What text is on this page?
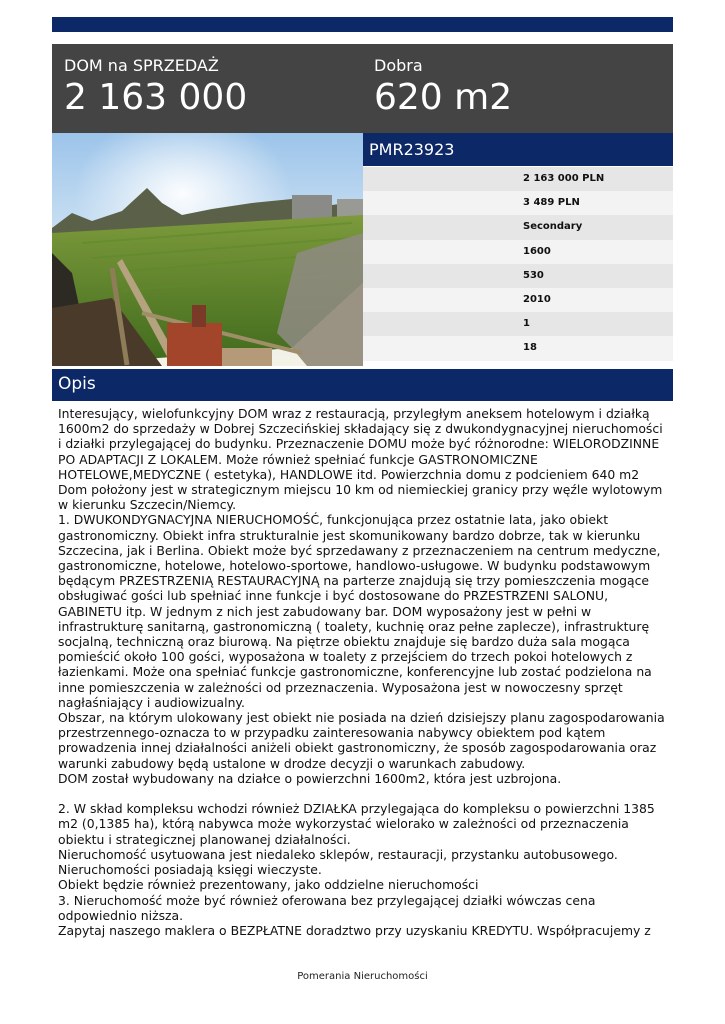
DOM na SPRZEDAŻ
2 163 000
Dobra
620 m2
PMR23923
2 163 000 PLN
3 489 PLN
Secondary
1600
530
2010
1
18
Opis

Interesujący, wielofunkcyjny DOM wraz z restauracją, przyległym aneksem hotelowym i działką 1600m2 do sprzedaży w Dobrej Szczecińskiej składający się z dwukondygnacyjnej nieruchomości i działki przylegającej do budynku. Przeznaczenie DOMU może być różnorodne: WIELORODZINNE PO ADAPTACJI Z LOKALEM. Może również spełniać funkcje GASTRONOMICZNE HOTELOWE,MEDYCZNE ( estetyka), HANDLOWE itd. Powierzchnia domu z podcieniem 640 m2
Dom położony jest w strategicznym miejscu 10 km od niemieckiej granicy przy węźle wylotowym w kierunku Szczecin/Niemcy.
1. DWUKONDYGNACYJNA NIERUCHOMOŚĆ, funkcjonująca przez ostatnie lata, jako obiekt gastronomiczny. Obiekt infra strukturalnie jest skomunikowany bardzo dobrze, tak w kierunku Szczecina, jak i Berlina. Obiekt może być sprzedawany z przeznaczeniem na centrum medyczne, gastronomiczne, hotelowe, hotelowo-sportowe, handlowo-usługowe. W budynku podstawowym będącym PRZESTRZENIĄ RESTAURACYJNĄ na parterze znajdują się trzy pomieszczenia mogące obsługiwać gości lub spełniać inne funkcje i być dostosowane do PRZESTRZENI SALONU, GABINETU itp. W jednym z nich jest zabudowany bar. DOM wyposażony jest w pełni w infrastrukturę sanitarną, gastronomiczną ( toalety, kuchnię oraz pełne zaplecze), infrastrukturę socjalną, techniczną oraz biurową. Na piętrze obiektu znajduje się bardzo duża sala mogąca pomieścić około 100 gości, wyposażona w toalety z przejściem do trzech pokoi hotelowych z łazienkami. Może ona spełniać funkcje gastronomiczne, konferencyjne lub zostać podzielona na inne pomieszczenia w zależności od przeznaczenia. Wyposażona jest w nowoczesny sprzęt nagłaśniający i audiowizualny.
Obszar, na którym ulokowany jest obiekt nie posiada na dzień dzisiejszy planu zagospodarowania przestrzennego-oznacza to w przypadku zainteresowania nabywcy obiektem pod kątem prowadzenia innej działalności aniżeli obiekt gastronomiczny, że sposób zagospodarowania oraz warunki zabudowy będą ustalone w drodze decyzji o warunkach zabudowy.
DOM został wybudowany na działce o powierzchni 1600m2, która jest uzbrojona.

2. W skład kompleksu wchodzi również DZIAŁKA przylegająca do kompleksu o powierzchni 1385 m2 (0,1385 ha), którą nabywca może wykorzystać wielorako w zależności od przeznaczenia obiektu i strategicznej planowanej działalności.
Nieruchomość usytuowana jest niedaleko sklepów, restauracji, przystanku autobusowego. Nieruchomości posiadają księgi wieczyste.
Obiekt będzie również prezentowany, jako oddzielne nieruchomości
3. Nieruchomość może być również oferowana bez przylegającej działki wówczas cena odpowiednio niższa.
Zapytaj naszego maklera o BEZPŁATNE doradztwo przy uzyskaniu KREDYTU. Współpracujemy z

Pomerania Nieruchomości
